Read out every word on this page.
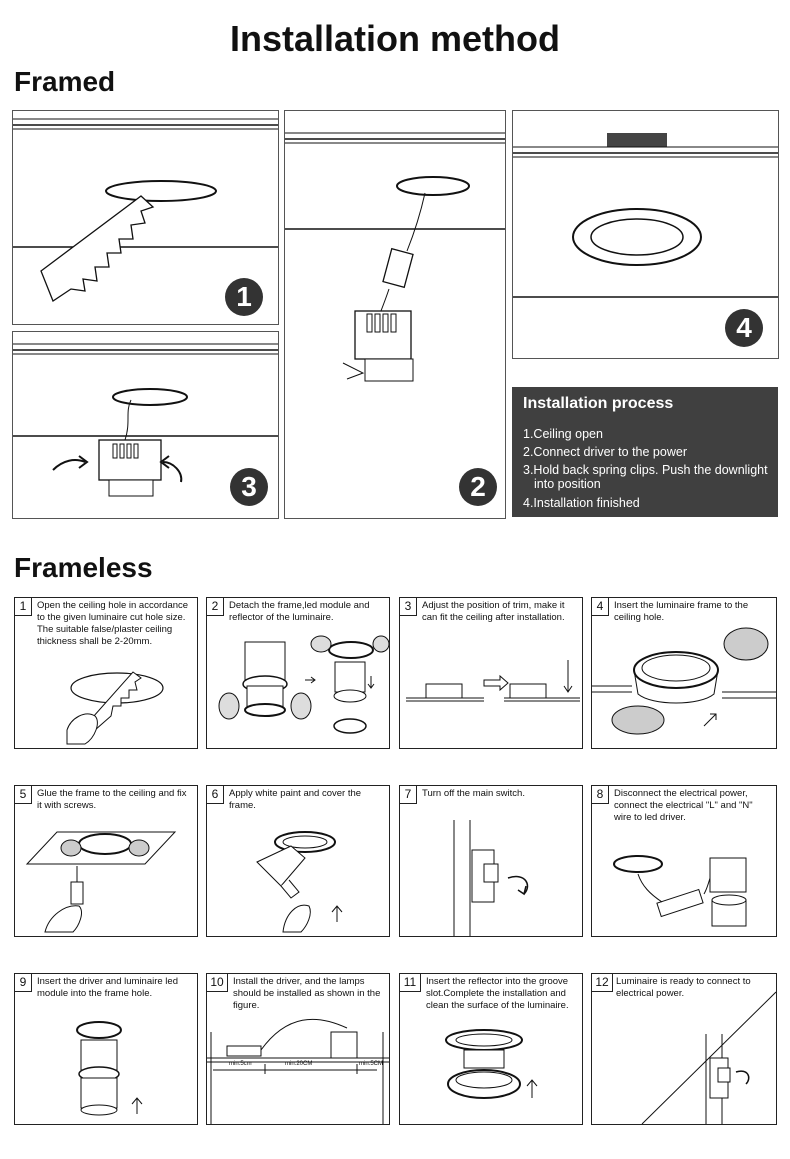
Installation method
Framed
1
3	2
4
Installation process
1.Ceiling open
2.Connect driver to the power
3.Hold back spring clips. Push the downlight
into position
4.Installation finished
Frameless
1	Open the ceiling hole in accordance to the given luminaire cut hole size. The suitable false/plaster ceiling thickness shall be 2-20mm.
2	Detach the frame,led module and reflector of the luminaire.
3	Adjust the position of trim, make it can fit the ceiling after installation.
4	Insert the luminaire frame to the ceiling hole.
5	Glue the frame to the ceiling and fix it with screws.
6	Apply white paint and cover the frame.
7	Turn off the main switch.	8	Disconnect the electrical power, connect the electrical "L" and "N" wire to led driver.
9	Insert the driver and luminaire led module into the frame hole.
10 Install the driver, and the lamps should be installed as shown in the figure.
min.5cm	min.20CM	min.5CM
11	Insert the reflector into the groove slot.Complete the installation and clean the surface of the luminaire.
12 Luminaire is ready to connect to electrical power.
